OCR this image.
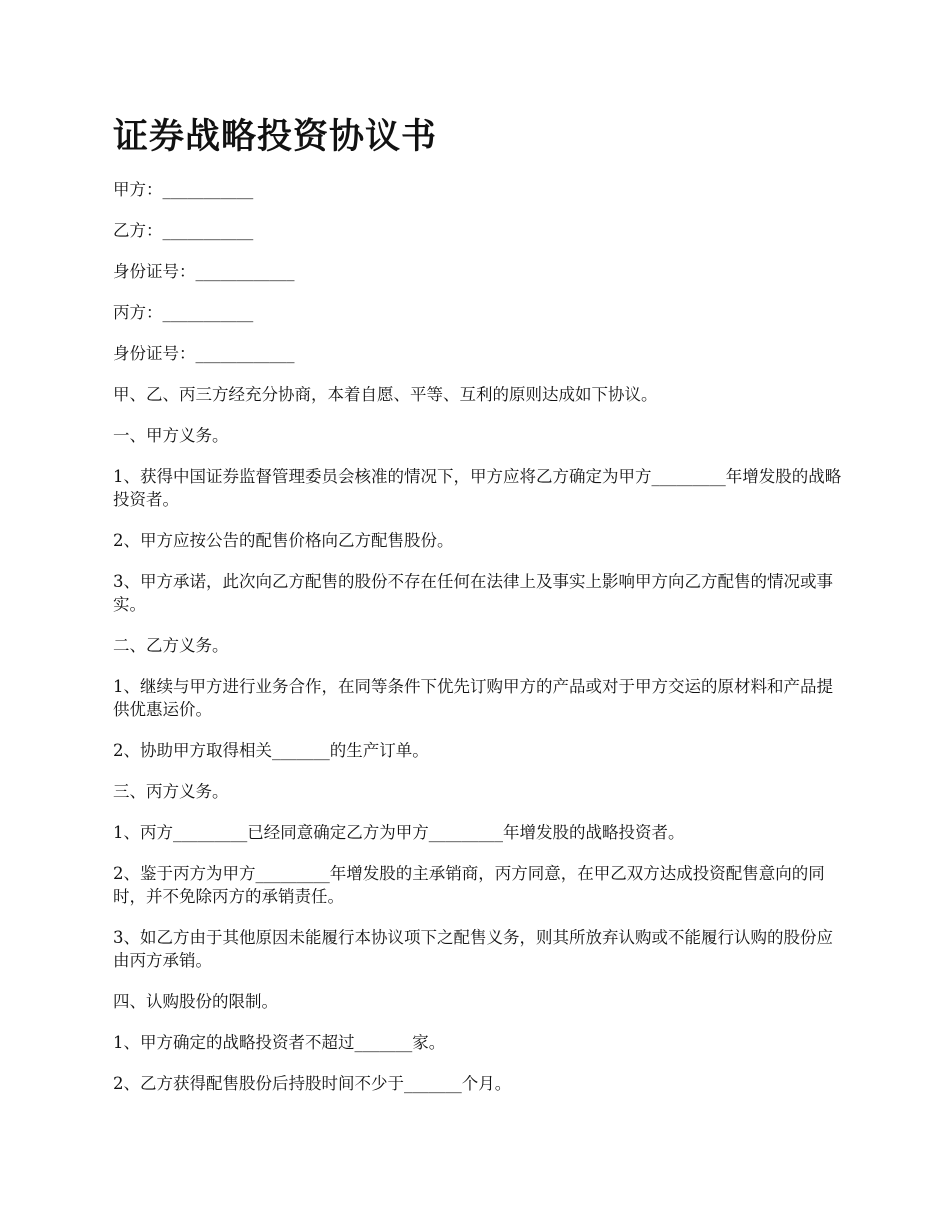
证券战略投资协议书
甲方：___________
乙方：___________
身份证号：____________
丙方：___________
身份证号：____________
甲、乙、丙三方经充分协商，本着自愿、平等、互利的原则达成如下协议。
一、甲方义务。
1、获得中国证券监督管理委员会核准的情况下，甲方应将乙方确定为甲方_________年增发股的战略投资者。
2、甲方应按公告的配售价格向乙方配售股份。
3、甲方承诺，此次向乙方配售的股份不存在任何在法律上及事实上影响甲方向乙方配售的情况或事实。
二、乙方义务。
1、继续与甲方进行业务合作，在同等条件下优先订购甲方的产品或对于甲方交运的原材料和产品提供优惠运价。
2、协助甲方取得相关_______的生产订单。
三、丙方义务。
1、丙方_________已经同意确定乙方为甲方_________年增发股的战略投资者。
2、鉴于丙方为甲方_________年增发股的主承销商，丙方同意，在甲乙双方达成投资配售意向的同时，并不免除丙方的承销责任。
3、如乙方由于其他原因未能履行本协议项下之配售义务，则其所放弃认购或不能履行认购的股份应由丙方承销。
四、认购股份的限制。
1、甲方确定的战略投资者不超过_______家。
2、乙方获得配售股份后持股时间不少于_______个月。
